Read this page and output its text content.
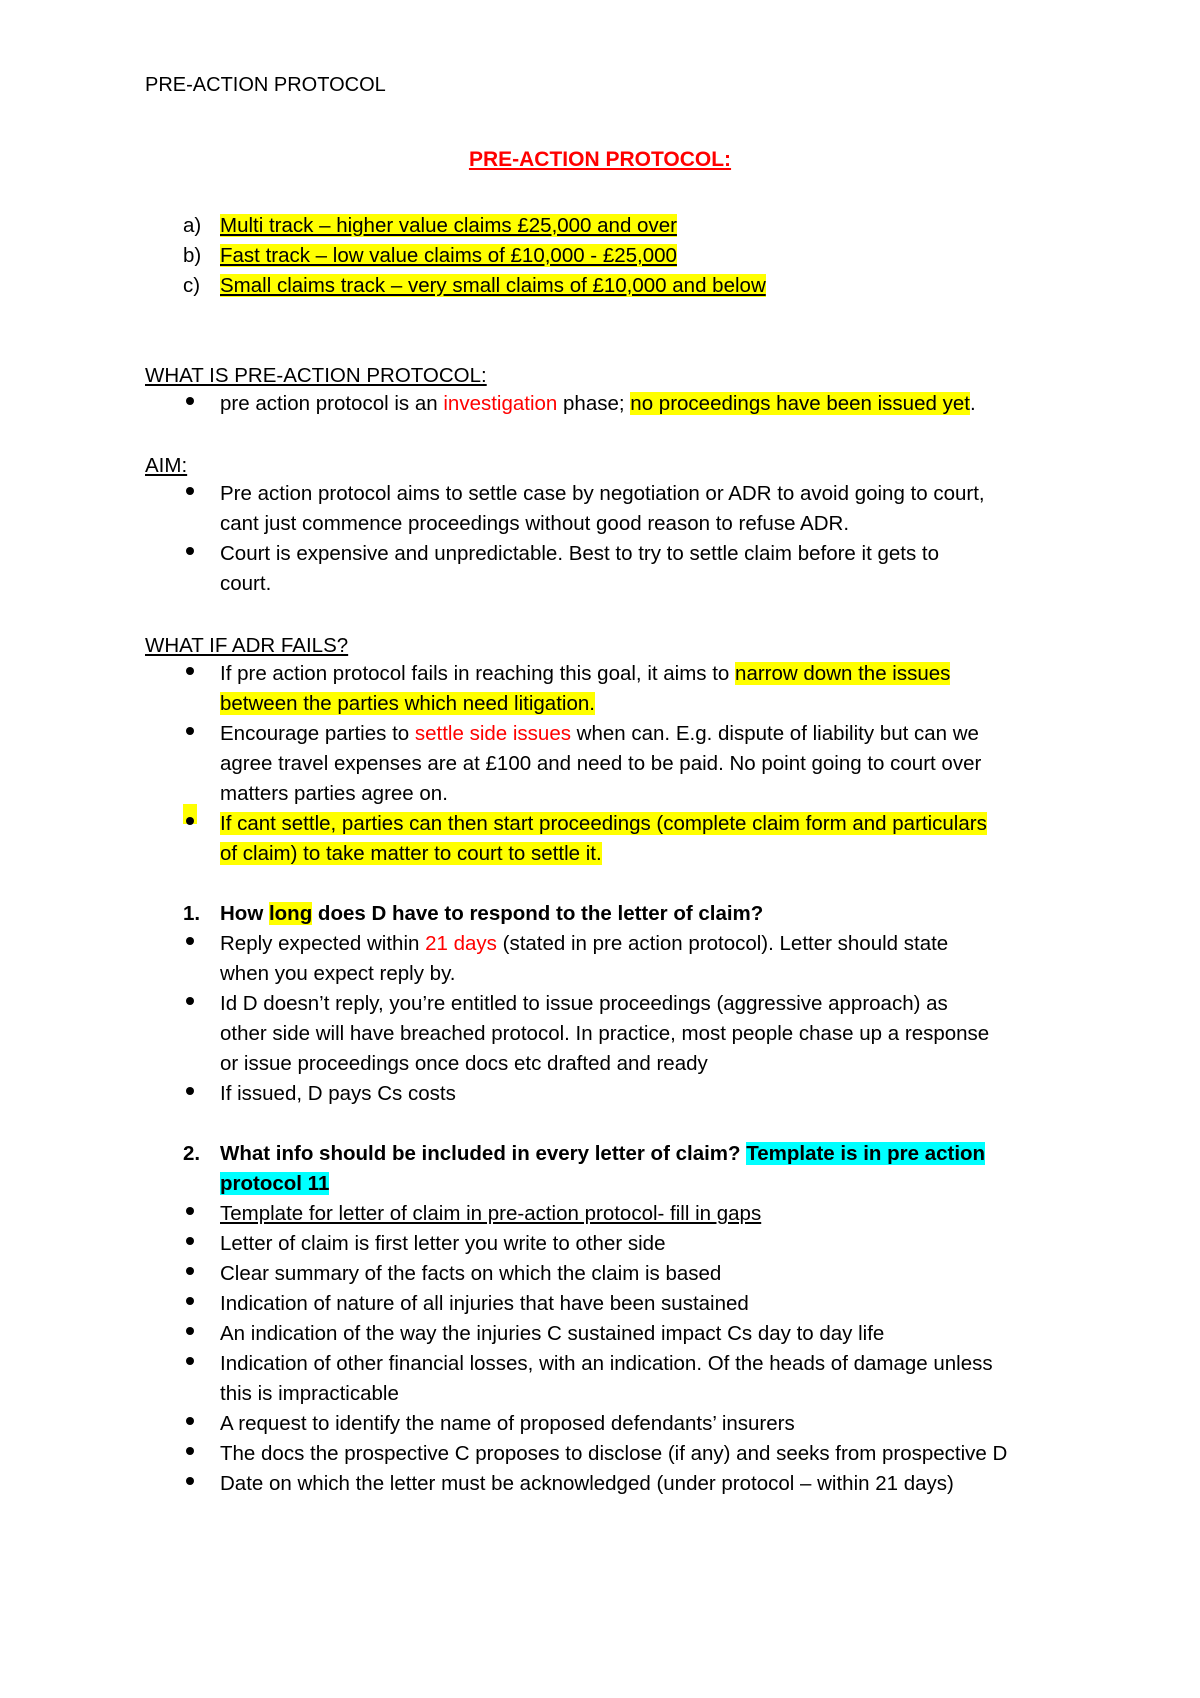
PRE-ACTION PROTOCOL
PRE-ACTION PROTOCOL:
a) Multi track – higher value claims £25,000 and over
b) Fast track – low value claims of £10,000 - £25,000
c) Small claims track – very small claims of £10,000 and below
WHAT IS PRE-ACTION PROTOCOL:
pre action protocol is an investigation phase; no proceedings have been issued yet.
AIM:
Pre action protocol aims to settle case by negotiation or ADR to avoid going to court,
cant just commence proceedings without good reason to refuse ADR.
Court is expensive and unpredictable. Best to try to settle claim before it gets to
court.
WHAT IF ADR FAILS?
If pre action protocol fails in reaching this goal, it aims to narrow down the issues
between the parties which need litigation.
Encourage parties to settle side issues when can. E.g. dispute of liability but can we
agree travel expenses are at £100 and need to be paid. No point going to court over
matters parties agree on.
If cant settle, parties can then start proceedings (complete claim form and particulars
of claim) to take matter to court to settle it.
1. How long does D have to respond to the letter of claim?
Reply expected within 21 days (stated in pre action protocol). Letter should state
when you expect reply by.
Id D doesn’t reply, you’re entitled to issue proceedings (aggressive approach) as
other side will have breached protocol. In practice, most people chase up a response
or issue proceedings once docs etc drafted and ready
If issued, D pays Cs costs
2. What info should be included in every letter of claim? Template is in pre action
protocol 11
Template for letter of claim in pre-action protocol- fill in gaps
Letter of claim is first letter you write to other side
Clear summary of the facts on which the claim is based
Indication of nature of all injuries that have been sustained
An indication of the way the injuries C sustained impact Cs day to day life
Indication of other financial losses, with an indication. Of the heads of damage unless
this is impracticable
A request to identify the name of proposed defendants’ insurers
The docs the prospective C proposes to disclose (if any) and seeks from prospective D
Date on which the letter must be acknowledged (under protocol – within 21 days)
